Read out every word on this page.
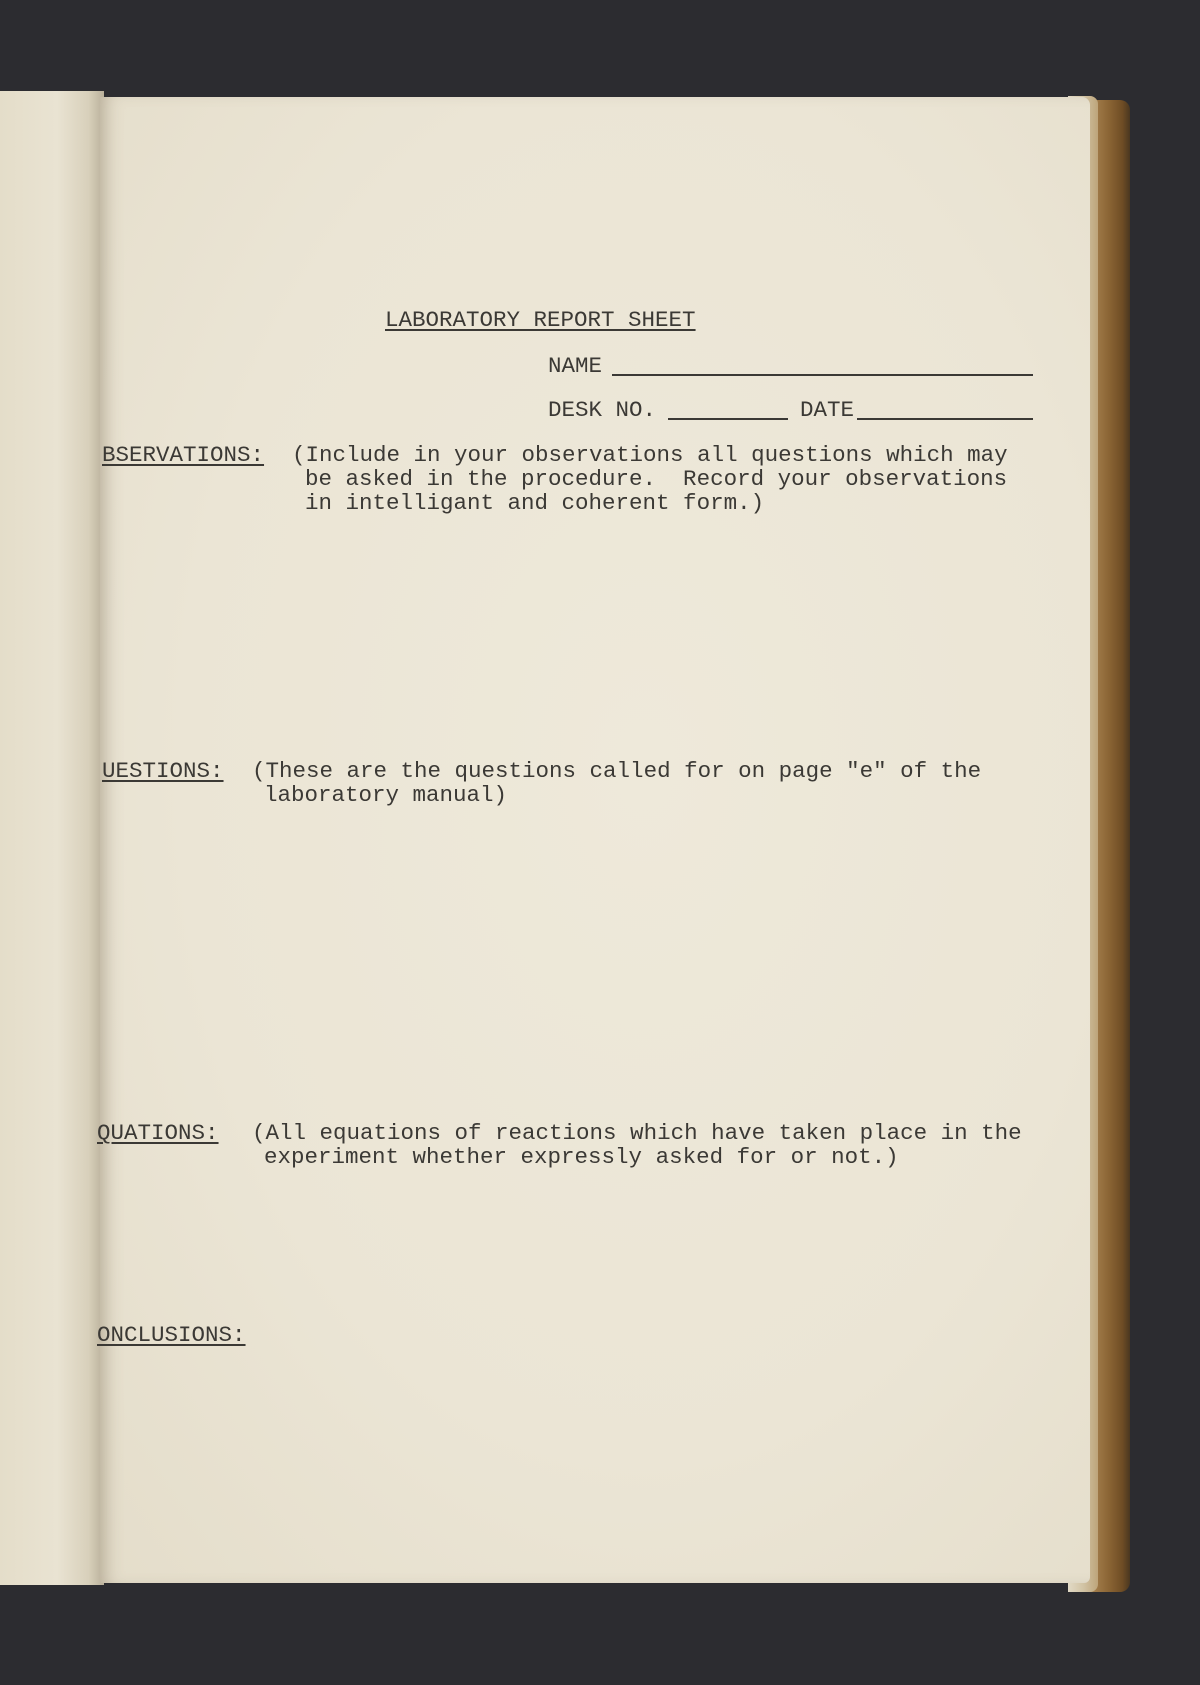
LABORATORY REPORT SHEET
NAME
DESK NO.	DATE
BSERVATIONS: (Include in your observations all questions which may
be asked in the procedure.  Record your observations
in intelligant and coherent form.)
UESTIONS: (These are the questions called for on page "e" of the
laboratory manual)
QUATIONS: (All equations of reactions which have taken place in the
experiment whether expressly asked for or not.)
ONCLUSIONS:
